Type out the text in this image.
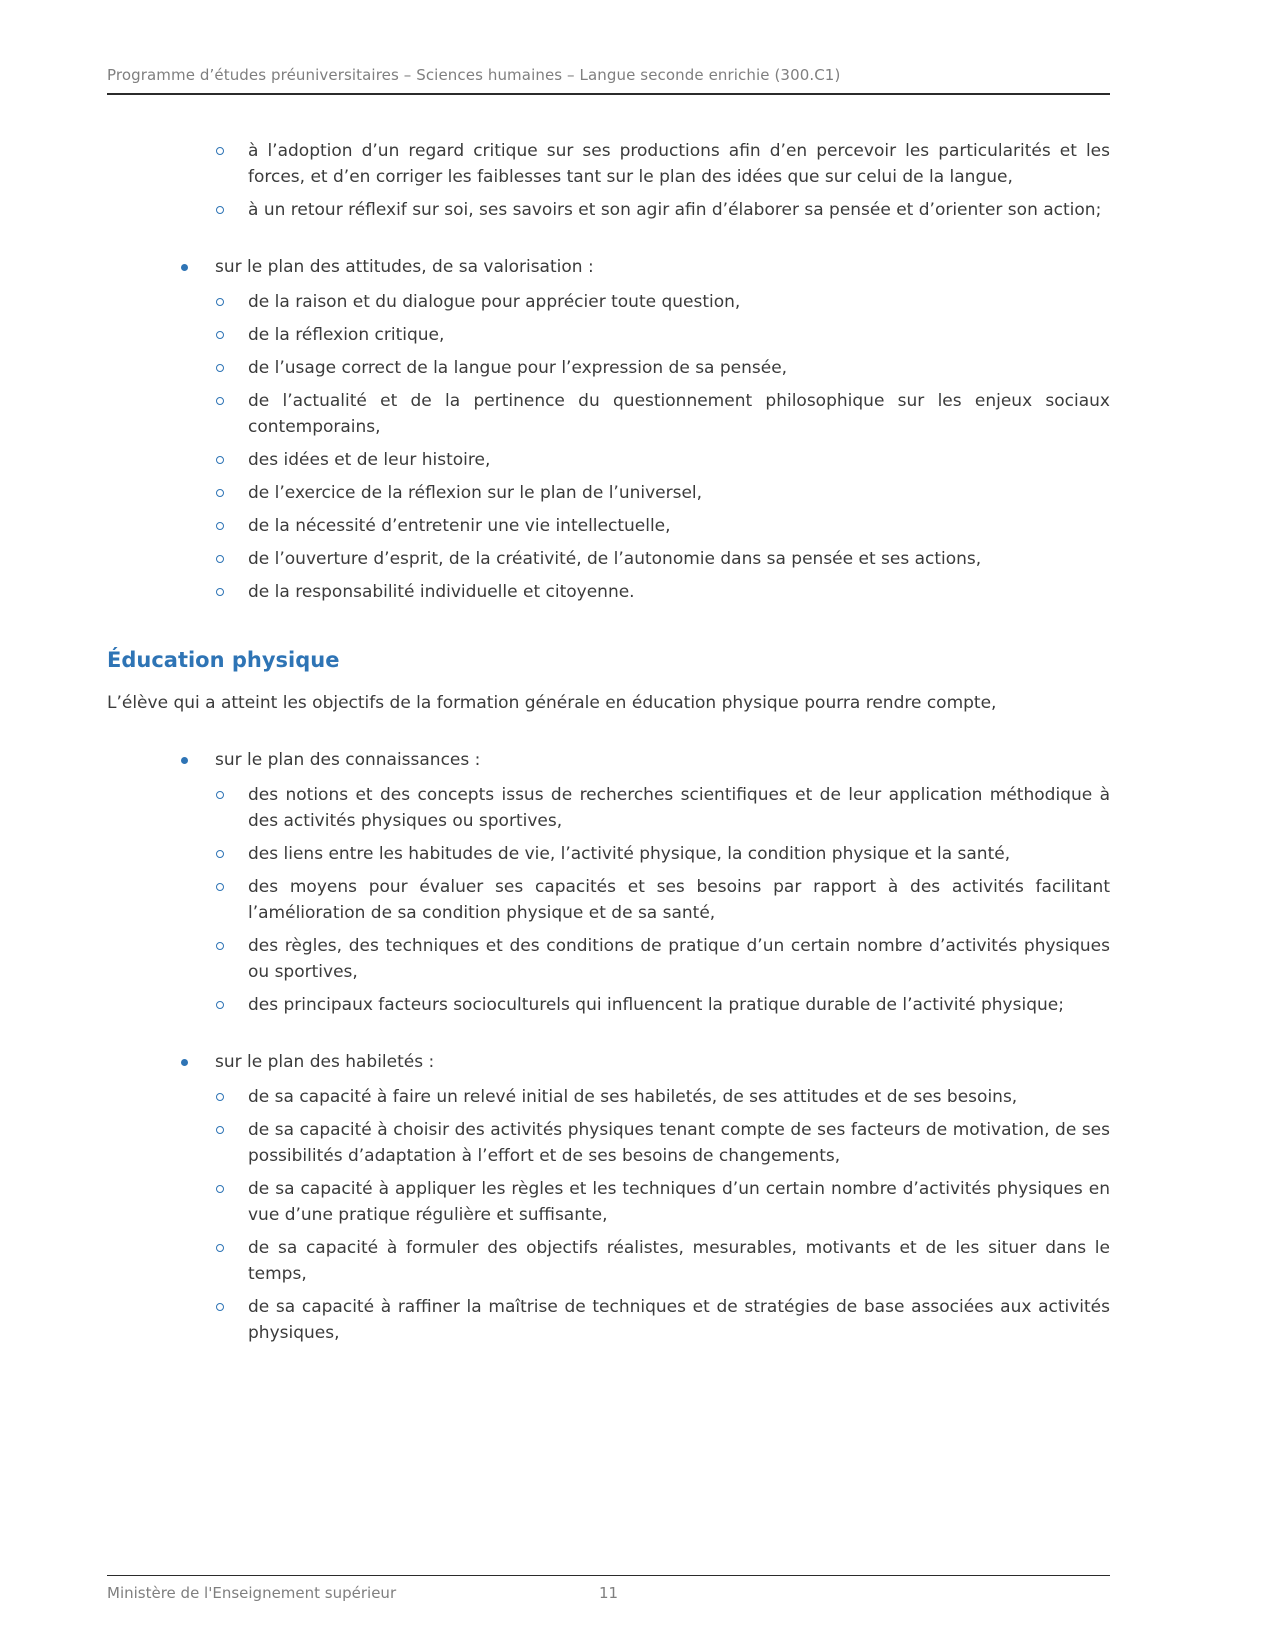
Programme d’études préuniversitaires – Sciences humaines – Langue seconde enrichie (300.C1)
à l’adoption d’un regard critique sur ses productions afin d’en percevoir les particularités et les forces, et d’en corriger les faiblesses tant sur le plan des idées que sur celui de la langue,
à un retour réflexif sur soi, ses savoirs et son agir afin d’élaborer sa pensée et d’orienter son action;
sur le plan des attitudes, de sa valorisation :
de la raison et du dialogue pour apprécier toute question,
de la réflexion critique,
de l’usage correct de la langue pour l’expression de sa pensée,
de l’actualité et de la pertinence du questionnement philosophique sur les enjeux sociaux contemporains,
des idées et de leur histoire,
de l’exercice de la réflexion sur le plan de l’universel,
de la nécessité d’entretenir une vie intellectuelle,
de l’ouverture d’esprit, de la créativité, de l’autonomie dans sa pensée et ses actions,
de la responsabilité individuelle et citoyenne.
Éducation physique

L’élève qui a atteint les objectifs de la formation générale en éducation physique pourra rendre compte,

sur le plan des connaissances :
des notions et des concepts issus de recherches scientifiques et de leur application méthodique à des activités physiques ou sportives,
des liens entre les habitudes de vie, l’activité physique, la condition physique et la santé,
des moyens pour évaluer ses capacités et ses besoins par rapport à des activités facilitant l’amélioration de sa condition physique et de sa santé,
des règles, des techniques et des conditions de pratique d’un certain nombre d’activités physiques ou sportives,
des principaux facteurs socioculturels qui influencent la pratique durable de l’activité physique;
sur le plan des habiletés :
de sa capacité à faire un relevé initial de ses habiletés, de ses attitudes et de ses besoins,
de sa capacité à choisir des activités physiques tenant compte de ses facteurs de motivation, de ses possibilités d’adaptation à l’effort et de ses besoins de changements,
de sa capacité à appliquer les règles et les techniques d’un certain nombre d’activités physiques en vue d’une pratique régulière et suffisante,
de sa capacité à formuler des objectifs réalistes, mesurables, motivants et de les situer dans le temps,
de sa capacité à raffiner la maîtrise de techniques et de stratégies de base associées aux activités physiques,
Ministère de l'Enseignement supérieur	11
